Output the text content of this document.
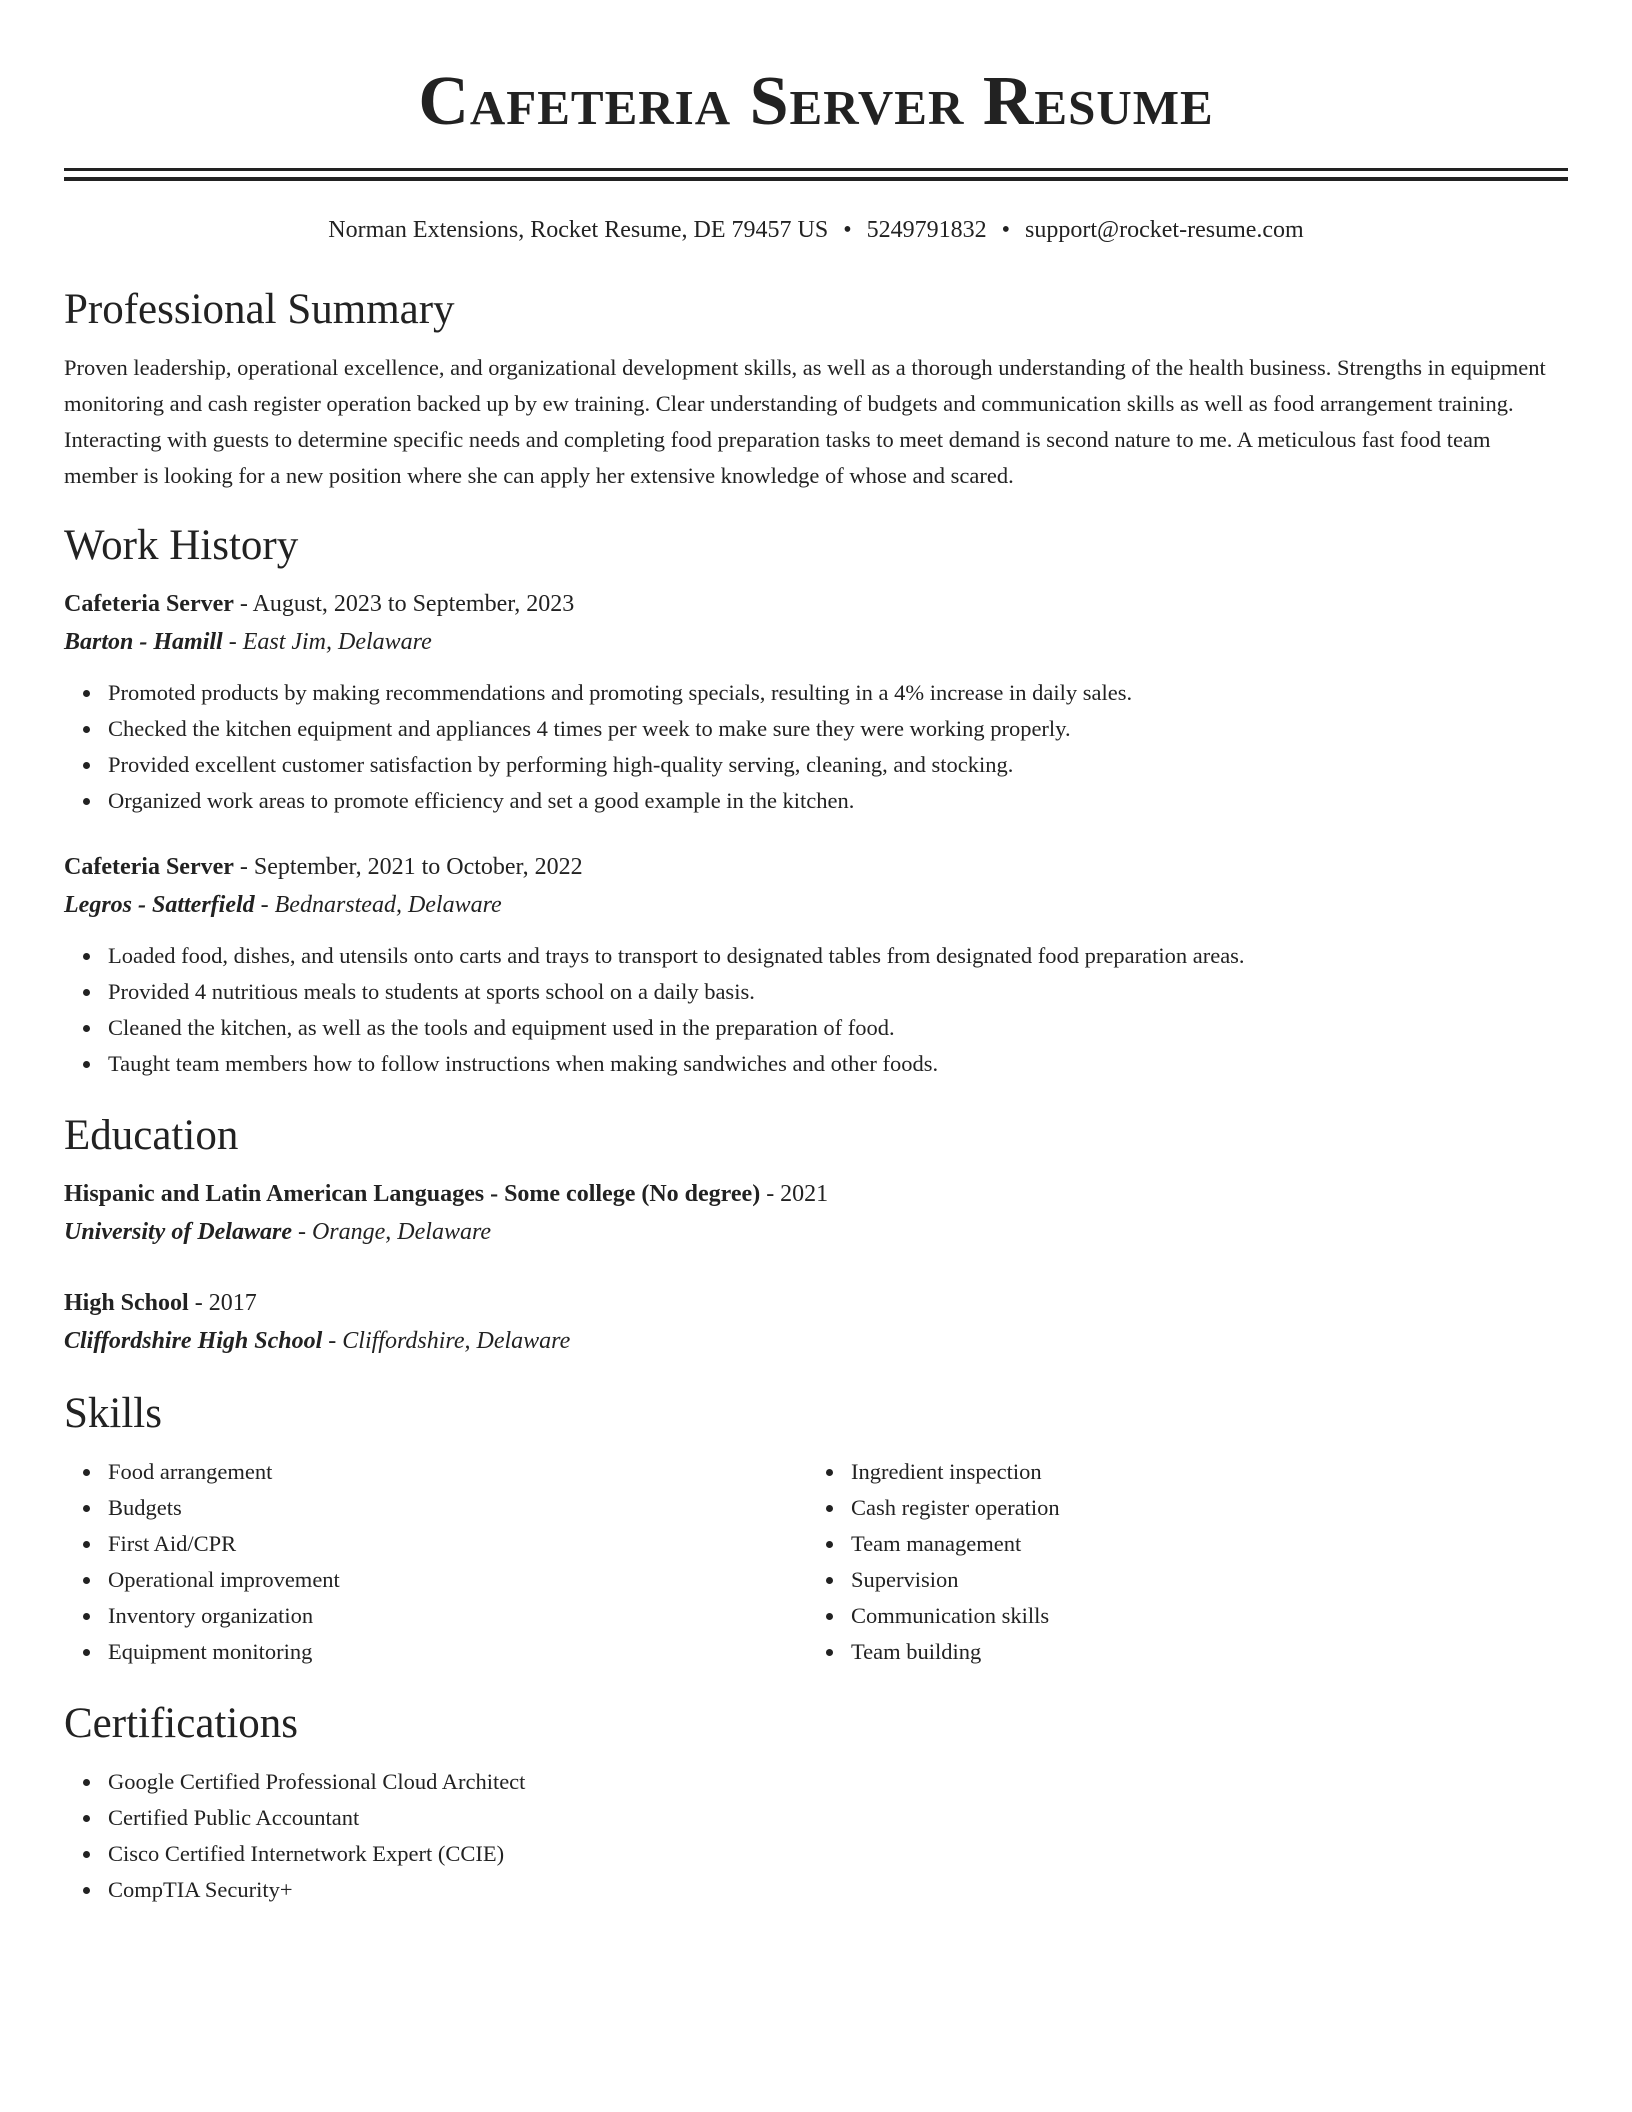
Cafeteria Server Resume
Norman Extensions, Rocket Resume, DE 79457 US • 5249791832 • support@rocket-resume.com
Professional Summary

Proven leadership, operational excellence, and organizational development skills, as well as a thorough understanding of the health business. Strengths in equipment monitoring and cash register operation backed up by ew training. Clear understanding of budgets and communication skills as well as food arrangement training. Interacting with guests to determine specific needs and completing food preparation tasks to meet demand is second nature to me. A meticulous fast food team member is looking for a new position where she can apply her extensive knowledge of whose and scared.

Work History

Cafeteria Server - August, 2023 to September, 2023

Barton - Hamill - East Jim, Delaware

Promoted products by making recommendations and promoting specials, resulting in a 4% increase in daily sales.
Checked the kitchen equipment and appliances 4 times per week to make sure they were working properly.
Provided excellent customer satisfaction by performing high-quality serving, cleaning, and stocking.
Organized work areas to promote efficiency and set a good example in the kitchen.

Cafeteria Server - September, 2021 to October, 2022

Legros - Satterfield - Bednarstead, Delaware

Loaded food, dishes, and utensils onto carts and trays to transport to designated tables from designated food preparation areas.
Provided 4 nutritious meals to students at sports school on a daily basis.
Cleaned the kitchen, as well as the tools and equipment used in the preparation of food.
Taught team members how to follow instructions when making sandwiches and other foods.
Education

Hispanic and Latin American Languages - Some college (No degree) - 2021

University of Delaware - Orange, Delaware

High School - 2017

Cliffordshire High School - Cliffordshire, Delaware

Skills
Food arrangement
Budgets
First Aid/CPR
Operational improvement
Inventory organization
Equipment monitoring
Ingredient inspection
Cash register operation
Team management
Supervision
Communication skills
Team building
Certifications
Google Certified Professional Cloud Architect
Certified Public Accountant
Cisco Certified Internetwork Expert (CCIE)
CompTIA Security+
